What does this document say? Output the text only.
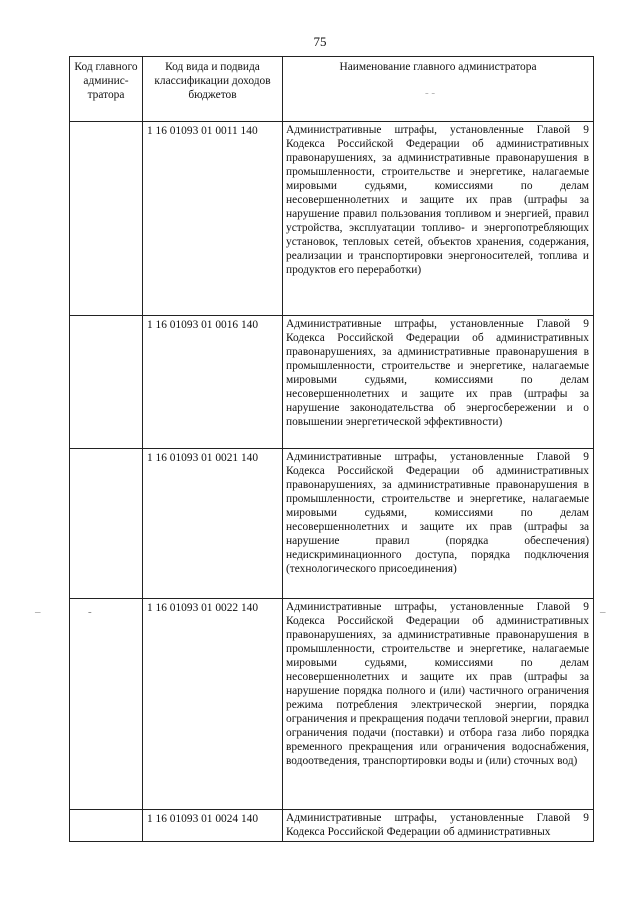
75
Код главного админис-тратора	Код вида и подвида классификации доходов бюджетов	Наименование главного администратора
	1 16 01093 01 0011 140	Административные штрафы, установленные Главой 9 Кодекса Российской Федерации об административных правонарушениях, за административные правонарушения в промышленности, строительстве и энергетике, налагаемые мировыми судьями, комиссиями по делам несовершеннолетних и защите их прав (штрафы за нарушение правил пользования топливом и энергией, правил устройства, эксплуатации топливо- и энергопотребляющих установок, тепловых сетей, объектов хранения, содержания, реализации и транспортировки энергоносителей, топлива и продуктов его переработки)
	1 16 01093 01 0016 140	Административные штрафы, установленные Главой 9 Кодекса Российской Федерации об административных правонарушениях, за административные правонарушения в промышленности, строительстве и энергетике, налагаемые мировыми судьями, комиссиями по делам несовершеннолетних и защите их прав (штрафы за нарушение законодательства об энергосбережении и о повышении энергетической эффективности)
	1 16 01093 01 0021 140	Административные штрафы, установленные Главой 9 Кодекса Российской Федерации об административных правонарушениях, за административные правонарушения в промышленности, строительстве и энергетике, налагаемые мировыми судьями, комиссиями по делам несовершеннолетних и защите их прав (штрафы за нарушение правил (порядка обеспечения) недискриминационного доступа, порядка подключения (технологического присоединения)
	1 16 01093 01 0022 140	Административные штрафы, установленные Главой 9 Кодекса Российской Федерации об административных правонарушениях, за административные правонарушения в промышленности, строительстве и энергетике, налагаемые мировыми судьями, комиссиями по делам несовершеннолетних и защите их прав (штрафы за нарушение порядка полного и (или) частичного ограничения режима потребления электрической энергии, порядка ограничения и прекращения подачи тепловой энергии, правил ограничения подачи (поставки) и отбора газа либо порядка временного прекращения или ограничения водоснабжения, водоотведения, транспортировки воды и (или) сточных вод)
	1 16 01093 01 0024 140	Административные штрафы, установленные Главой 9 Кодекса Российской Федерации об административных
–	-	–
- -
